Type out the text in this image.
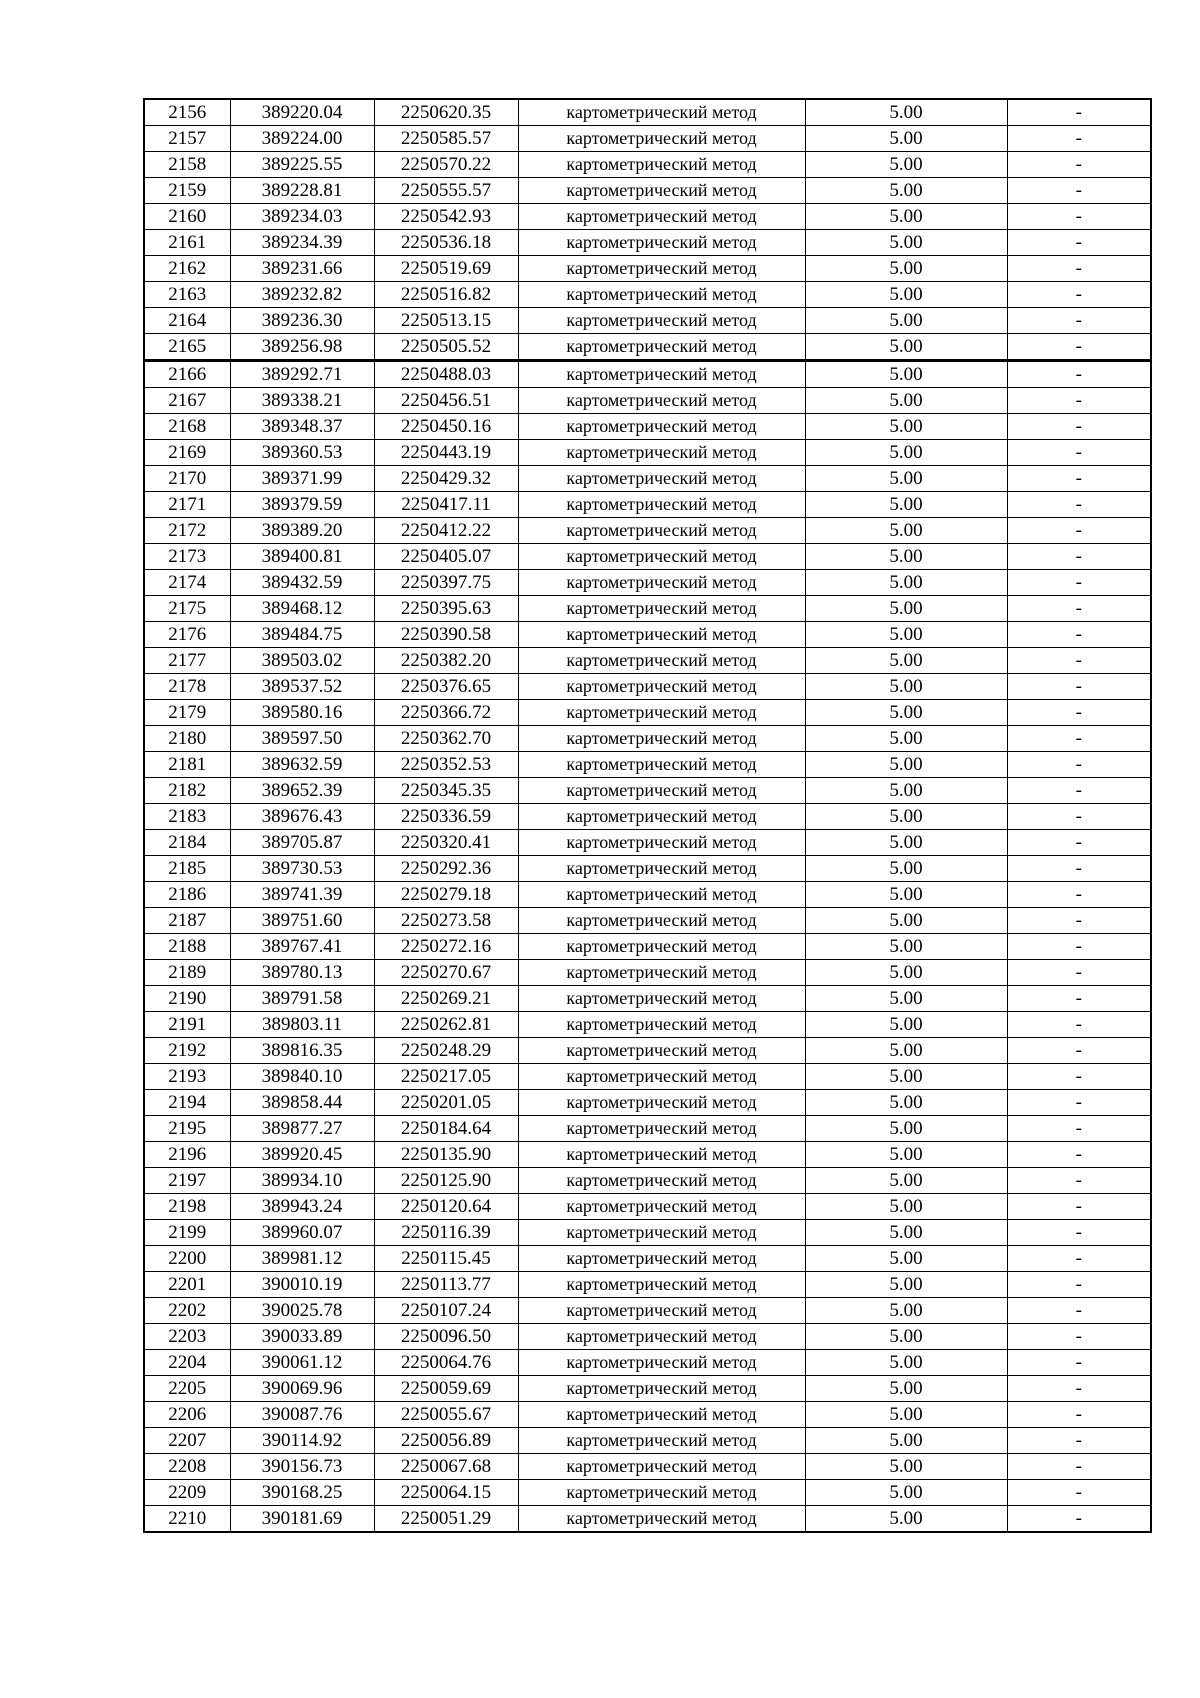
2156	389220.04	2250620.35	картометрический метод	5.00	-
2157	389224.00	2250585.57	картометрический метод	5.00	-
2158	389225.55	2250570.22	картометрический метод	5.00	-
2159	389228.81	2250555.57	картометрический метод	5.00	-
2160	389234.03	2250542.93	картометрический метод	5.00	-
2161	389234.39	2250536.18	картометрический метод	5.00	-
2162	389231.66	2250519.69	картометрический метод	5.00	-
2163	389232.82	2250516.82	картометрический метод	5.00	-
2164	389236.30	2250513.15	картометрический метод	5.00	-
2165	389256.98	2250505.52	картометрический метод	5.00	-
2166	389292.71	2250488.03	картометрический метод	5.00	-
2167	389338.21	2250456.51	картометрический метод	5.00	-
2168	389348.37	2250450.16	картометрический метод	5.00	-
2169	389360.53	2250443.19	картометрический метод	5.00	-
2170	389371.99	2250429.32	картометрический метод	5.00	-
2171	389379.59	2250417.11	картометрический метод	5.00	-
2172	389389.20	2250412.22	картометрический метод	5.00	-
2173	389400.81	2250405.07	картометрический метод	5.00	-
2174	389432.59	2250397.75	картометрический метод	5.00	-
2175	389468.12	2250395.63	картометрический метод	5.00	-
2176	389484.75	2250390.58	картометрический метод	5.00	-
2177	389503.02	2250382.20	картометрический метод	5.00	-
2178	389537.52	2250376.65	картометрический метод	5.00	-
2179	389580.16	2250366.72	картометрический метод	5.00	-
2180	389597.50	2250362.70	картометрический метод	5.00	-
2181	389632.59	2250352.53	картометрический метод	5.00	-
2182	389652.39	2250345.35	картометрический метод	5.00	-
2183	389676.43	2250336.59	картометрический метод	5.00	-
2184	389705.87	2250320.41	картометрический метод	5.00	-
2185	389730.53	2250292.36	картометрический метод	5.00	-
2186	389741.39	2250279.18	картометрический метод	5.00	-
2187	389751.60	2250273.58	картометрический метод	5.00	-
2188	389767.41	2250272.16	картометрический метод	5.00	-
2189	389780.13	2250270.67	картометрический метод	5.00	-
2190	389791.58	2250269.21	картометрический метод	5.00	-
2191	389803.11	2250262.81	картометрический метод	5.00	-
2192	389816.35	2250248.29	картометрический метод	5.00	-
2193	389840.10	2250217.05	картометрический метод	5.00	-
2194	389858.44	2250201.05	картометрический метод	5.00	-
2195	389877.27	2250184.64	картометрический метод	5.00	-
2196	389920.45	2250135.90	картометрический метод	5.00	-
2197	389934.10	2250125.90	картометрический метод	5.00	-
2198	389943.24	2250120.64	картометрический метод	5.00	-
2199	389960.07	2250116.39	картометрический метод	5.00	-
2200	389981.12	2250115.45	картометрический метод	5.00	-
2201	390010.19	2250113.77	картометрический метод	5.00	-
2202	390025.78	2250107.24	картометрический метод	5.00	-
2203	390033.89	2250096.50	картометрический метод	5.00	-
2204	390061.12	2250064.76	картометрический метод	5.00	-
2205	390069.96	2250059.69	картометрический метод	5.00	-
2206	390087.76	2250055.67	картометрический метод	5.00	-
2207	390114.92	2250056.89	картометрический метод	5.00	-
2208	390156.73	2250067.68	картометрический метод	5.00	-
2209	390168.25	2250064.15	картометрический метод	5.00	-
2210	390181.69	2250051.29	картометрический метод	5.00	-
